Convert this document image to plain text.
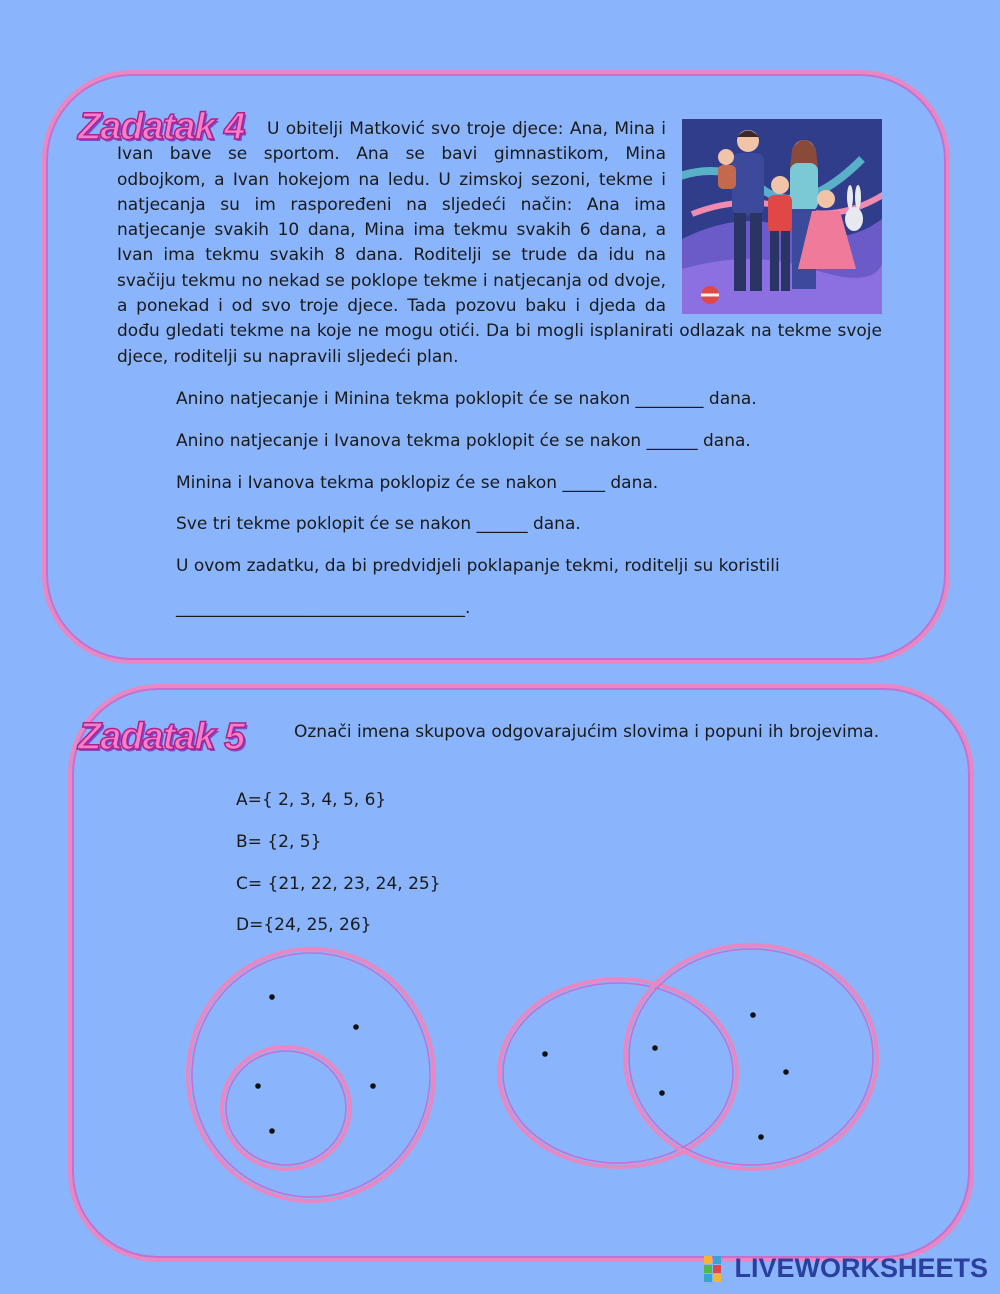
Zadatak 4	U obitelji Matković svo troje djece: Ana, Mina i Ivan bave se sportom. Ana se bavi gimnastikom, Mina odbojkom, a Ivan hokejom na ledu. U zimskoj sezoni, tekme i natjecanja su im raspoređeni na sljedeći način: Ana ima natjecanje svakih 10 dana, Mina ima tekmu svakih 6 dana, a Ivan ima tekmu svakih 8 dana. Roditelji se trude da idu na svačiju tekmu no nekad se poklope tekme i natjecanja od dvoje, a ponekad i od svo troje djece. Tada pozovu baku i djeda da dođu gledati tekme na koje ne mogu otići. Da bi mogli isplanirati odlazak na tekme svoje djece, roditelji su napravili sljedeći plan.

Anino natjecanje i Minina tekma poklopit će se nakon ________ dana.

Anino natjecanje i Ivanova tekma poklopit će se nakon ______ dana.

Minina i Ivanova tekma poklopiz će se nakon _____ dana.

Sve tri tekme poklopit će se nakon ______ dana.

U ovom zadatku, da bi predvidjeli poklapanje tekmi, roditelji su koristili

__________________________________.

Zadatak 5	Označi imena skupova odgovarajućim slovima i popuni ih brojevima.

A={ 2, 3, 4, 5, 6}

B= {2, 5}

C= {21, 22, 23, 24, 25}

D={24, 25, 26}

LIVEWORKSHEETS
